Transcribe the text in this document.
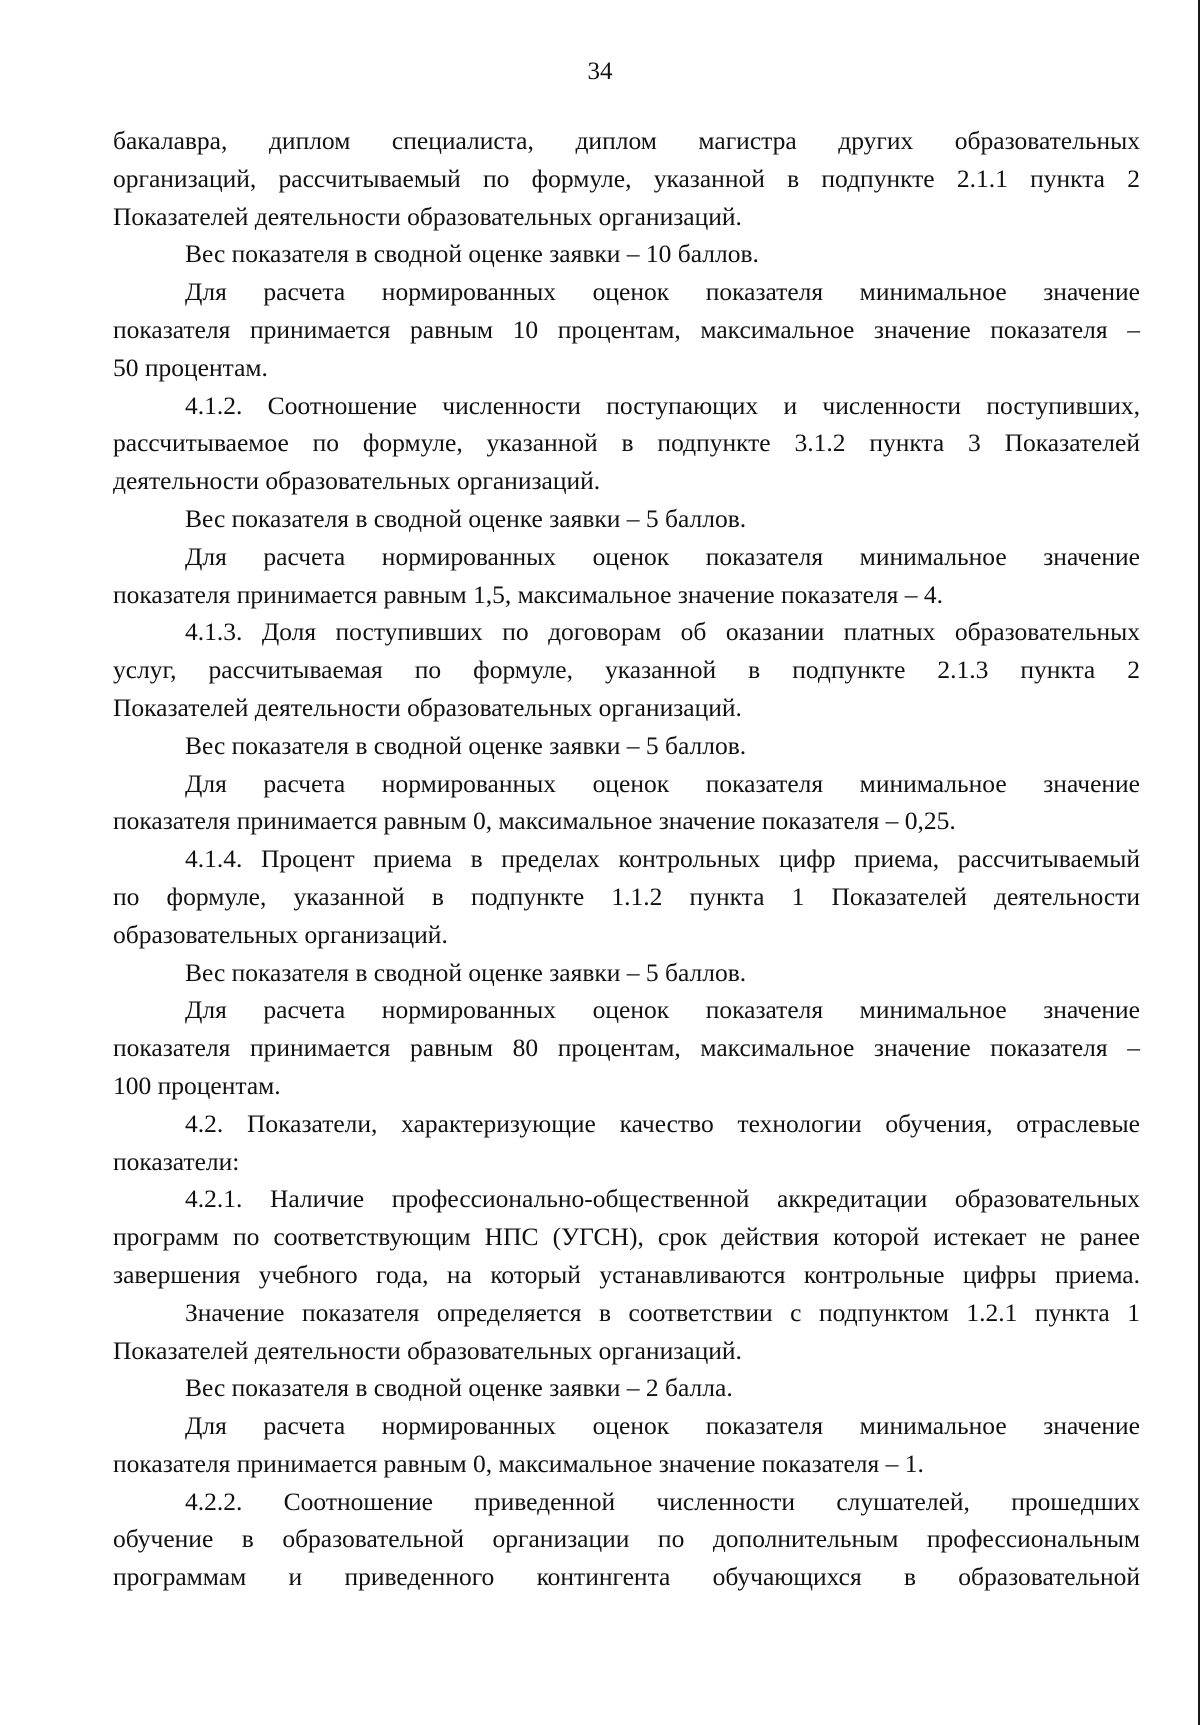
34
бакалавра, диплом специалиста, диплом магистра других образовательных
организаций, рассчитываемый по формуле, указанной в подпункте 2.1.1 пункта 2
Показателей деятельности образовательных организаций.
Вес показателя в сводной оценке заявки – 10 баллов.
Для расчета нормированных оценок показателя минимальное значение
показателя принимается равным 10 процентам, максимальное значение показателя –
50 процентам.
4.1.2. Соотношение численности поступающих и численности поступивших,
рассчитываемое по формуле, указанной в подпункте 3.1.2 пункта 3 Показателей
деятельности образовательных организаций.
Вес показателя в сводной оценке заявки – 5 баллов.
Для расчета нормированных оценок показателя минимальное значение
показателя принимается равным 1,5, максимальное значение показателя – 4.
4.1.3. Доля поступивших по договорам об оказании платных образовательных
услуг, рассчитываемая по формуле, указанной в подпункте 2.1.3 пункта 2
Показателей деятельности образовательных организаций.
Вес показателя в сводной оценке заявки – 5 баллов.
Для расчета нормированных оценок показателя минимальное значение
показателя принимается равным 0, максимальное значение показателя – 0,25.
4.1.4. Процент приема в пределах контрольных цифр приема, рассчитываемый
по формуле, указанной в подпункте 1.1.2 пункта 1 Показателей деятельности
образовательных организаций.
Вес показателя в сводной оценке заявки – 5 баллов.
Для расчета нормированных оценок показателя минимальное значение
показателя принимается равным 80 процентам, максимальное значение показателя –
100 процентам.
4.2. Показатели, характеризующие качество технологии обучения, отраслевые
показатели:
4.2.1. Наличие профессионально-общественной аккредитации образовательных
программ по соответствующим НПС (УГСН), срок действия которой истекает не ранее
завершения учебного года, на который устанавливаются контрольные цифры приема.
Значение показателя определяется в соответствии с подпунктом 1.2.1 пункта 1
Показателей деятельности образовательных организаций.
Вес показателя в сводной оценке заявки – 2 балла.
Для расчета нормированных оценок показателя минимальное значение
показателя принимается равным 0, максимальное значение показателя – 1.
4.2.2. Соотношение приведенной численности слушателей, прошедших
обучение в образовательной организации по дополнительным профессиональным
программам и приведенного контингента обучающихся в образовательной
